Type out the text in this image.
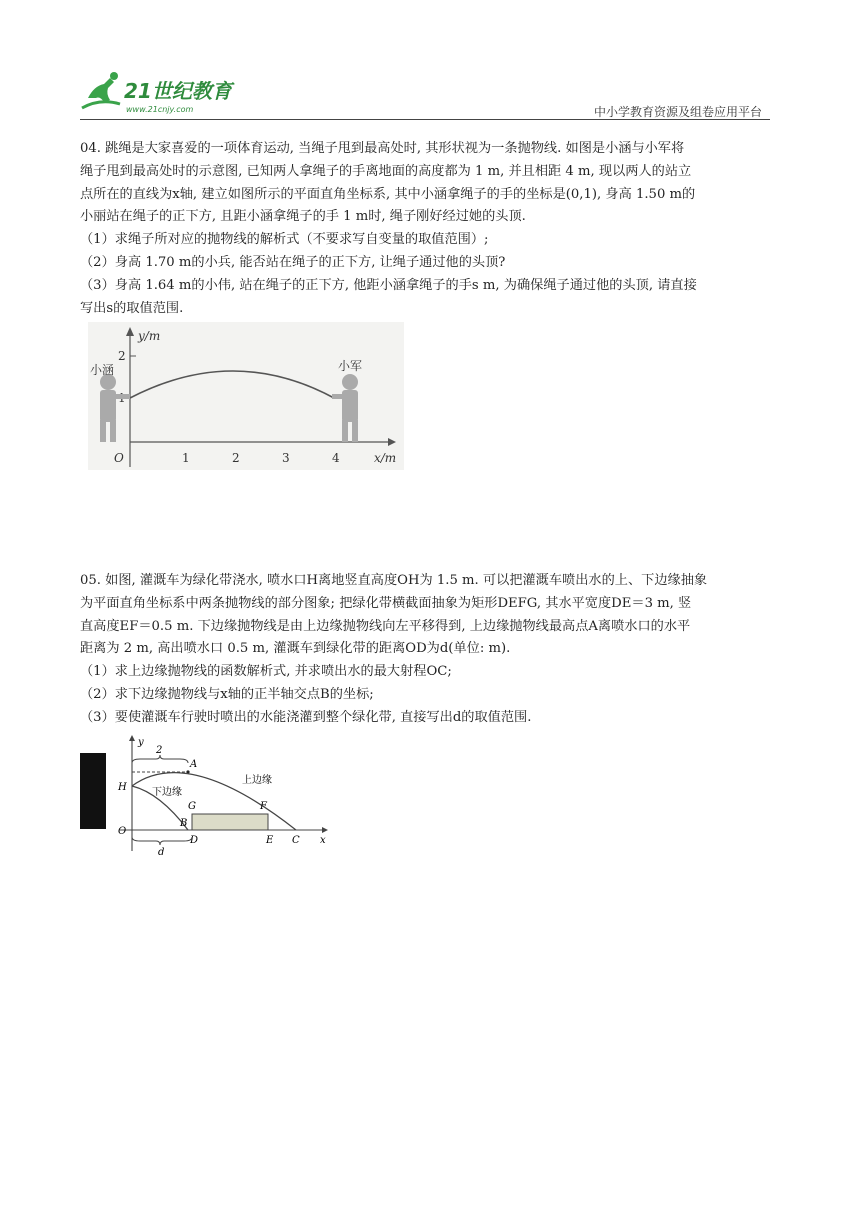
21世纪教育
www.21cnjy.com	中小学教育资源及组卷应用平台

04. 跳绳是大家喜爱的一项体育运动, 当绳子甩到最高处时, 其形状视为一条抛物线. 如图是小涵与小军将

绳子甩到最高处时的示意图, 已知两人拿绳子的手离地面的高度都为 1 m, 并且相距 4 m, 现以两人的站立

点所在的直线为x轴, 建立如图所示的平面直角坐标系, 其中小涵拿绳子的手的坐标是(0,1), 身高 1.50 m的

小丽站在绳子的正下方, 且距小涵拿绳子的手 1 m时, 绳子刚好经过她的头顶.

（1）求绳子所对应的抛物线的解析式（不要求写自变量的取值范围）;

（2）身高 1.70 m的小兵, 能否站在绳子的正下方, 让绳子通过他的头顶?

（3）身高 1.64 m的小伟, 站在绳子的正下方, 他距小涵拿绳子的手s m, 为确保绳子通过他的头顶, 请直接

写出s的取值范围.

y/m
x/m
O	1	2	3	4
2
小涵	小军

05. 如图, 灌溉车为绿化带浇水, 喷水口H离地竖直高度OH为 1.5 m. 可以把灌溉车喷出水的上、下边缘抽象

为平面直角坐标系中两条抛物线的部分图象; 把绿化带横截面抽象为矩形DEFG, 其水平宽度DE＝3 m, 竖

直高度EF＝0.5 m. 下边缘抛物线是由上边缘抛物线向左平移得到, 上边缘抛物线最高点A离喷水口的水平

距离为 2 m, 高出喷水口 0.5 m, 灌溉车到绿化带的距离OD为d(单位: m).

（1）求上边缘抛物线的函数解析式, 并求喷出水的最大射程OC;

（2）求下边缘抛物线与x轴的正半轴交点B的坐标;

（3）要使灌溉车行驶时喷出的水能浇灌到整个绿化带, 直接写出d的取值范围.

y
x
O
H
2
A
上边缘
下边缘
G	F
B
D	E C
d
